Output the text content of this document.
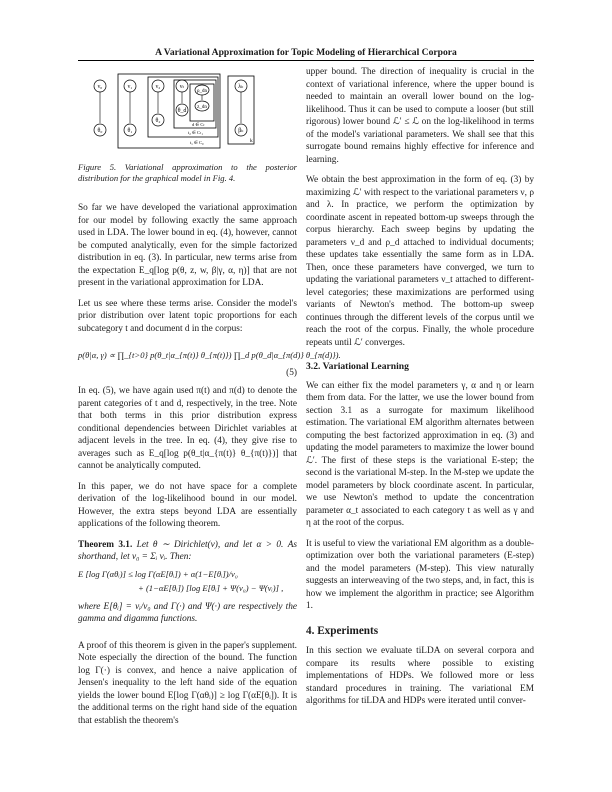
A Variational Approximation for Topic Modeling of Hierarchical Corpora
k
d ∈ Cₜ
t₂ ∈ Cₜ₁
t₁ ∈ C₀
ν₀	ν₁	ν₂	νₜ
ρ_dn
λₖ
z_dn
θ₀	θ₁
θ₂
θ_d
βₖ

Figure 5. Variational approximation to the posterior distribution for the graphical model in Fig. 4.

So far we have developed the variational approximation for our model by following exactly the same approach used in LDA. The lower bound in eq. (4), however, cannot be computed analytically, even for the simple factorized distribution in eq. (3). In particular, new terms arise from the expectation E_q[log p(θ, z, w, β|γ, α, η)] that are not present in the variational approximation for LDA.

Let us see where these terms arise. Consider the model's prior distribution over latent topic proportions for each subcategory t and document d in the corpus:

p(θ|α, γ) ∝ ∏_{t>0} p(θ_t|α_{π(t)} θ_{π(t)}) ∏_d p(θ_d|α_{π(d)} θ_{π(d)}).
(5)

In eq. (5), we have again used π(t) and π(d) to denote the parent categories of t and d, respectively, in the tree. Note that both terms in this prior distribution express conditional dependencies between Dirichlet variables at adjacent levels in the tree. In eq. (4), they give rise to averages such as E_q[log p(θ_t|α_{π(t)} θ_{π(t)})] that cannot be analytically computed.

In this paper, we do not have space for a complete derivation of the log-likelihood bound in our model. However, the extra steps beyond LDA are essentially applications of the following theorem.

Theorem 3.1. Let θ ∼ Dirichlet(ν), and let α > 0. As shorthand, let ν₀ = Σᵢ νᵢ. Then:

E [log Γ(αθᵢ)] ≤ log Γ(αE[θᵢ]) + α(1−E[θᵢ])/ν₀
+ (1−αE[θᵢ]) [log E[θᵢ] + Ψ(ν₀) − Ψ(νᵢ)] ,

where E[θᵢ] = νᵢ/ν₀ and Γ(·) and Ψ(·) are respectively the gamma and digamma functions.

A proof of this theorem is given in the paper's supplement. Note especially the direction of the bound. The function log Γ(·) is convex, and hence a naive application of Jensen's inequality to the left hand side of the equation yields the lower bound E[log Γ(αθᵢ)] ≥ log Γ(αE[θᵢ]). It is the additional terms on the right hand side of the equation that establish the theorem's

upper bound. The direction of inequality is crucial in the context of variational inference, where the upper bound is needed to maintain an overall lower bound on the log-likelihood. Thus it can be used to compute a looser (but still rigorous) lower bound ℒ′ ≤ ℒ on the log-likelihood in terms of the model's variational parameters. We shall see that this surrogate bound remains highly effective for inference and learning.

We obtain the best approximation in the form of eq. (3) by maximizing ℒ′ with respect to the variational parameters ν, ρ and λ. In practice, we perform the optimization by coordinate ascent in repeated bottom-up sweeps through the corpus hierarchy. Each sweep begins by updating the parameters ν_d and ρ_d attached to individual documents; these updates take essentially the same form as in LDA. Then, once these parameters have converged, we turn to updating the variational parameters ν_t attached to different-level categories; these maximizations are performed using variants of Newton's method. The bottom-up sweep continues through the different levels of the corpus until we reach the root of the corpus. Finally, the whole procedure repeats until ℒ′ converges.

3.2. Variational Learning

We can either fix the model parameters γ, α and η or learn them from data. For the latter, we use the lower bound from section 3.1 as a surrogate for maximum likelihood estimation. The variational EM algorithm alternates between computing the best factorized approximation in eq. (3) and updating the model parameters to maximize the lower bound ℒ′. The first of these steps is the variational E-step; the second is the variational M-step. In the M-step we update the model parameters by block coordinate ascent. In particular, we use Newton's method to update the concentration parameter α_t associated to each category t as well as γ and η at the root of the corpus.

It is useful to view the variational EM algorithm as a double-optimization over both the variational parameters (E-step) and the model parameters (M-step). This view naturally suggests an interweaving of the two steps, and, in fact, this is how we implement the algorithm in practice; see Algorithm 1.

4. Experiments

In this section we evaluate tiLDA on several corpora and compare its results where possible to existing implementations of HDPs. We followed more or less standard procedures in training. The variational EM algorithms for tiLDA and HDPs were iterated until conver-
